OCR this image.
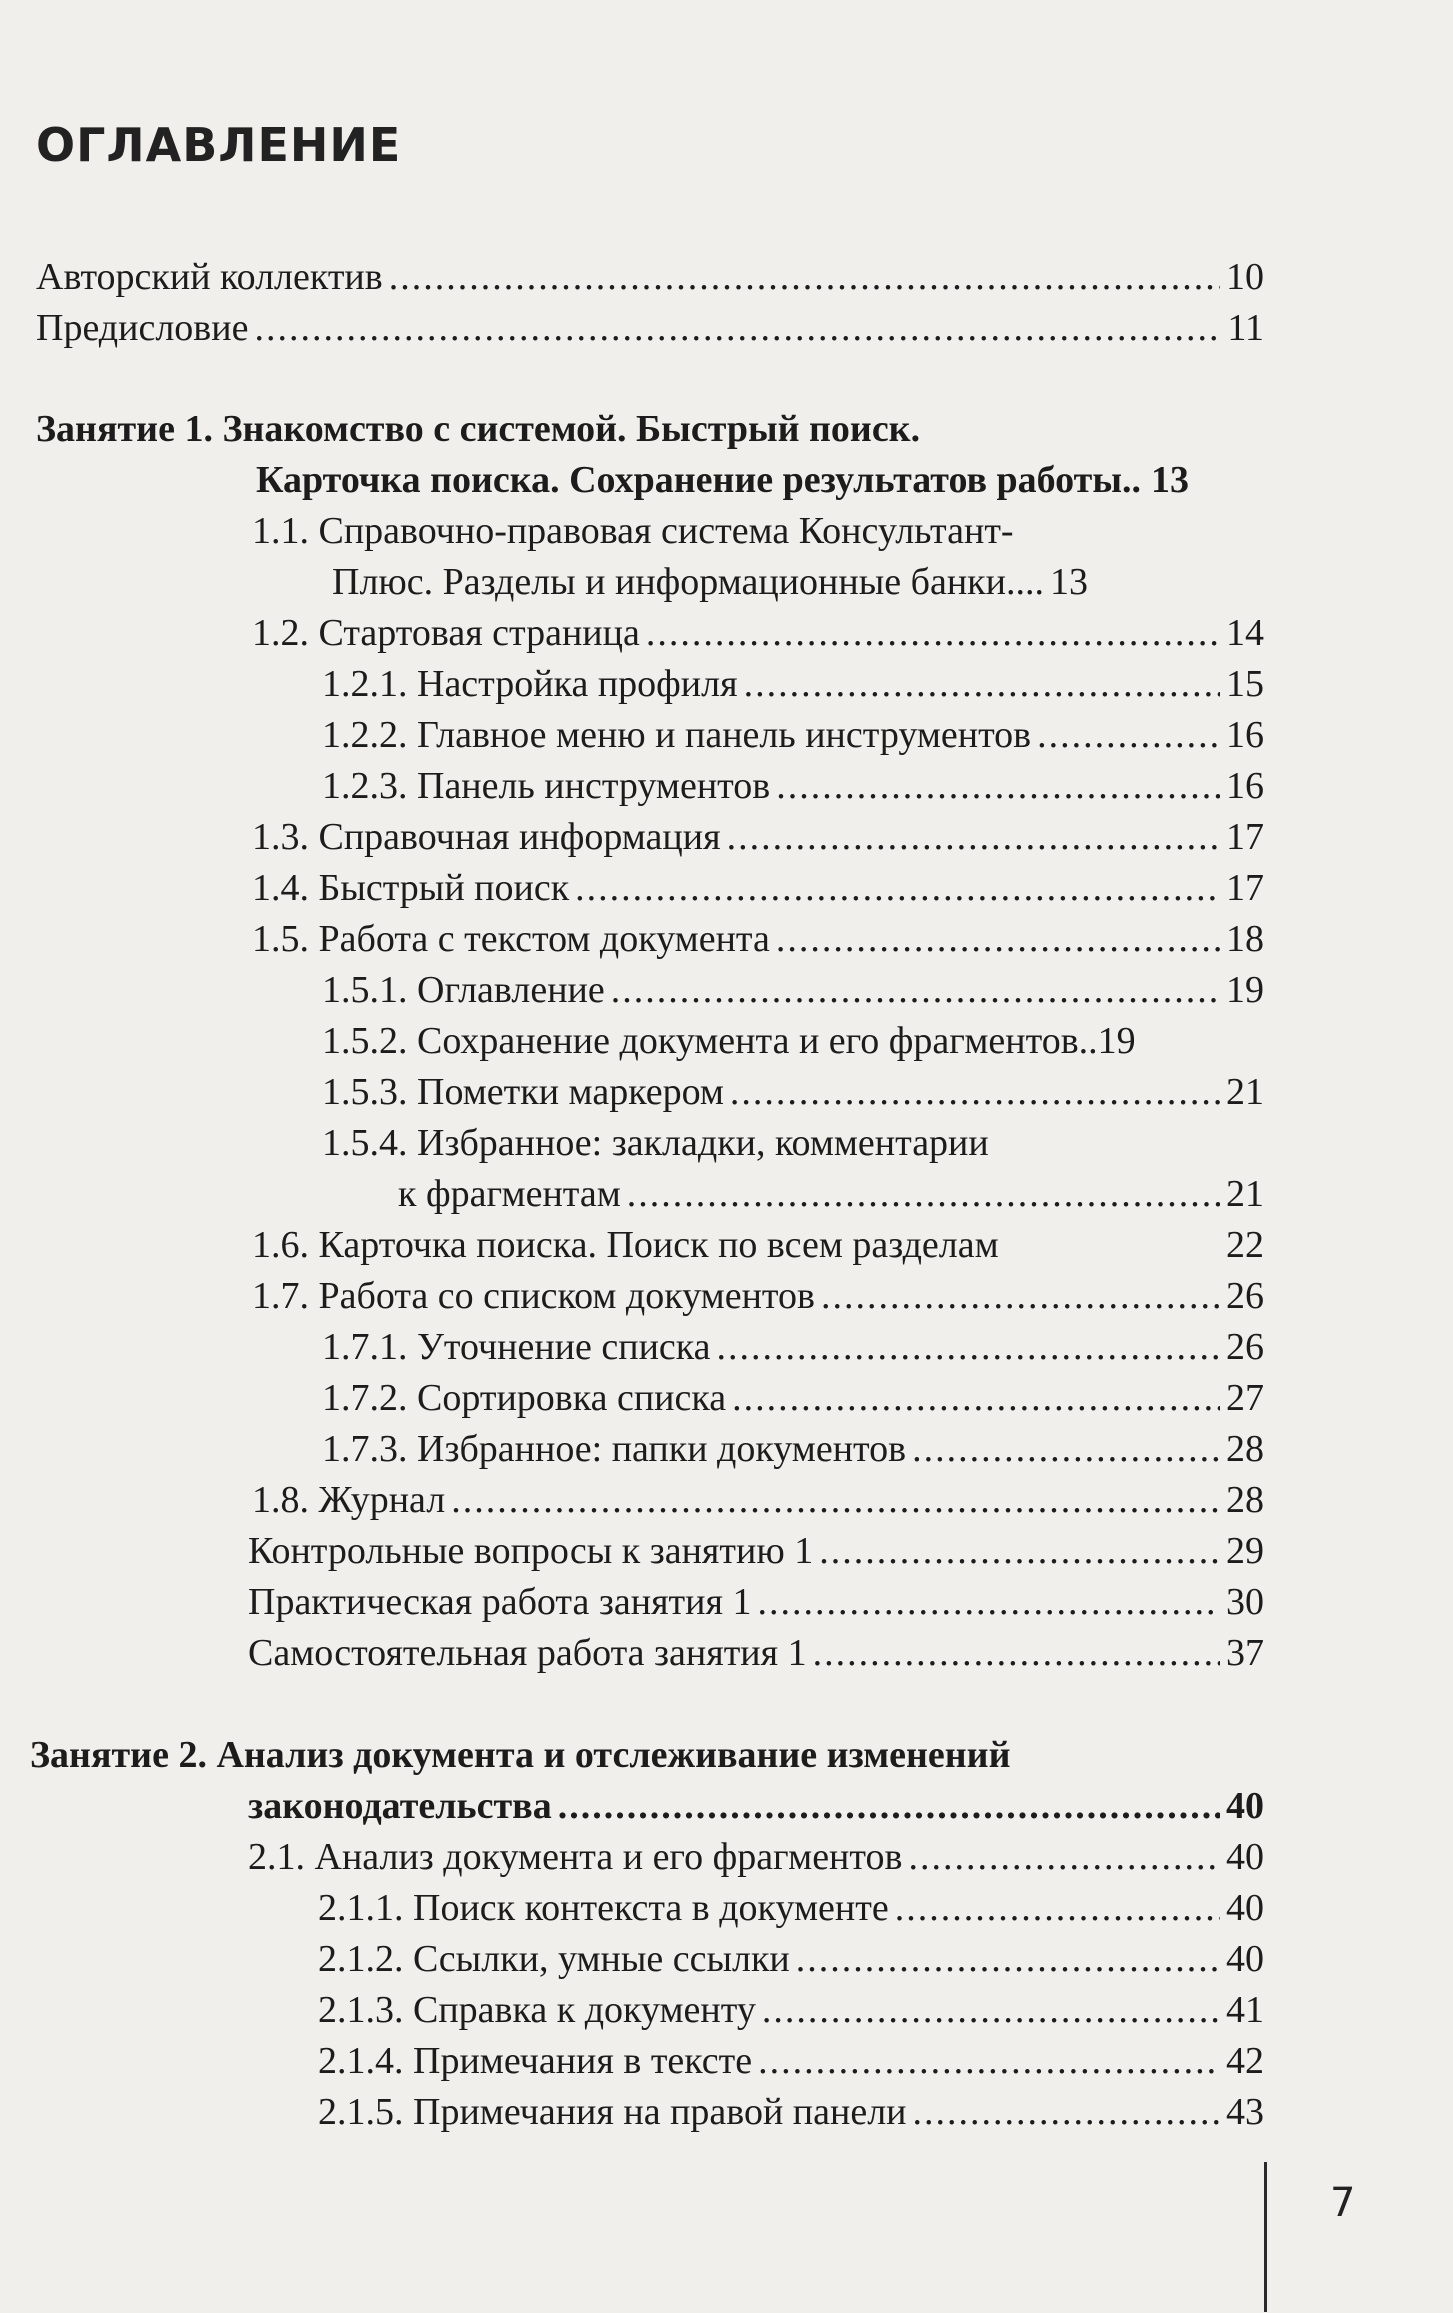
ОГЛАВЛЕНИЕ
Авторский коллектив .....	10
Предисловие .....	11
Занятие 1. Знакомство с системой. Быстрый поиск.
Карточка поиска. Сохранение результатов работы.. 13
1.1. Справочно-правовая система Консультант-
Плюс. Разделы и информационные банки.... 13
1.2. Стартовая страница .....	14
1.2.1. Настройка профиля .....	15
1.2.2. Главное меню и панель инструментов .....	16
1.2.3. Панель инструментов .....	16
1.3. Справочная информация .....	17
1.4. Быстрый поиск .....	17
1.5. Работа с текстом документа .....	18
1.5.1. Оглавление .....	19
1.5.2. Сохранение документа и его фрагментов.. 19
1.5.3. Пометки маркером .....	21
1.5.4. Избранное: закладки, комментарии
к фрагментам .....	21
1.6. Карточка поиска. Поиск по всем разделам	22
1.7. Работа со списком документов .....	26
1.7.1. Уточнение списка .....	26
1.7.2. Сортировка списка .....	27
1.7.3. Избранное: папки документов .....	28
1.8. Журнал .....	28
Контрольные вопросы к занятию 1 .....	29
Практическая работа занятия 1 .....	30
Самостоятельная работа занятия 1 .....	37
Занятие 2. Анализ документа и отслеживание изменений
законодательства .....	40
2.1. Анализ документа и его фрагментов .....	40
2.1.1. Поиск контекста в документе .....	40
2.1.2. Ссылки, умные ссылки .....	40
2.1.3. Справка к документу .....	41
2.1.4. Примечания в тексте .....	42
2.1.5. Примечания на правой панели .....	43
7
